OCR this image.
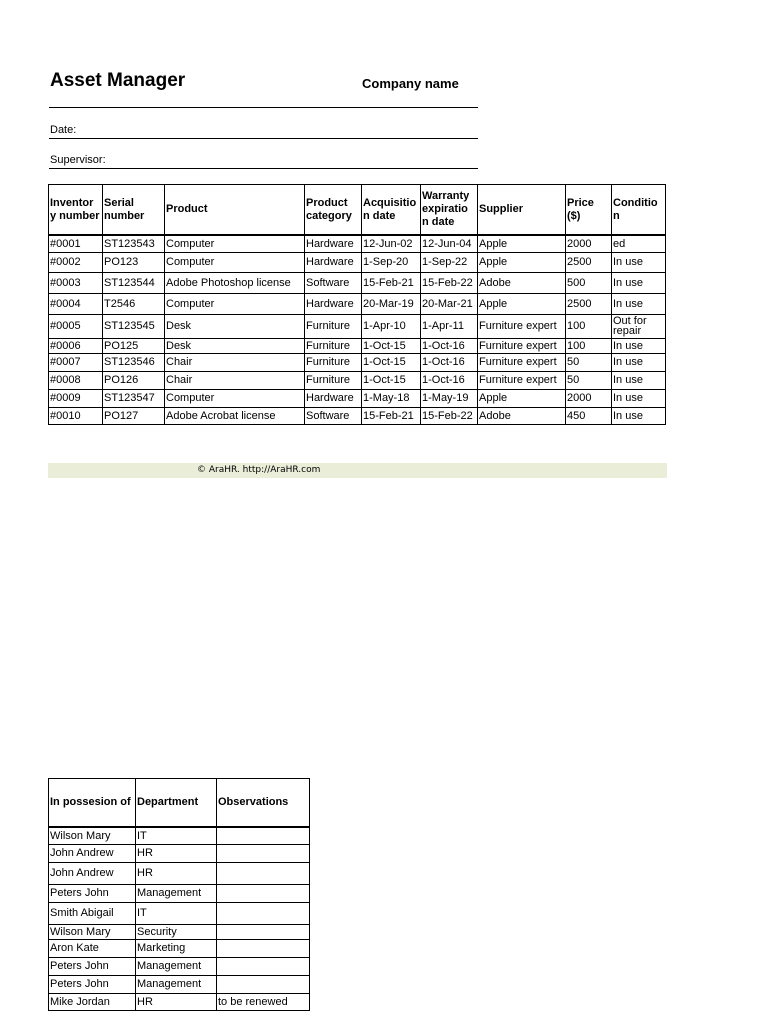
Asset Manager	Company name
Date:
Supervisor:
Inventor y number	Serial number	Product	Product category	Acquisitio n date	Warranty expiratio n date	Supplier	Price ($)	Conditio n
#0001	ST123543	Computer	Hardware	12-Jun-02	12-Jun-04	Apple	2000	ed
#0002	PO123	Computer	Hardware	1-Sep-20	1-Sep-22	Apple	2500	In use
#0003	ST123544	Adobe Photoshop license	Software	15-Feb-21	15-Feb-22	Adobe	500	In use
#0004	T2546	Computer	Hardware	20-Mar-19	20-Mar-21	Apple	2500	In use
#0005	ST123545	Desk	Furniture	1-Apr-10	1-Apr-11	Furniture expert	100	Out for repair
#0006	PO125	Desk	Furniture	1-Oct-15	1-Oct-16	Furniture expert	100	In use
#0007	ST123546	Chair	Furniture	1-Oct-15	1-Oct-16	Furniture expert	50	In use
#0008	PO126	Chair	Furniture	1-Oct-15	1-Oct-16	Furniture expert	50	In use
#0009	ST123547	Computer	Hardware	1-May-18	1-May-19	Apple	2000	In use
#0010	PO127	Adobe Acrobat license	Software	15-Feb-21	15-Feb-22	Adobe	450	In use
© AraHR. http://AraHR.com
In possesion of	Department	Observations
Wilson Mary	IT	
John Andrew	HR	
John Andrew	HR	
Peters John	Management	
Smith Abigail	IT	
Wilson Mary	Security	
Aron Kate	Marketing	
Peters John	Management	
Peters John	Management	
Mike Jordan	HR	to be renewed
